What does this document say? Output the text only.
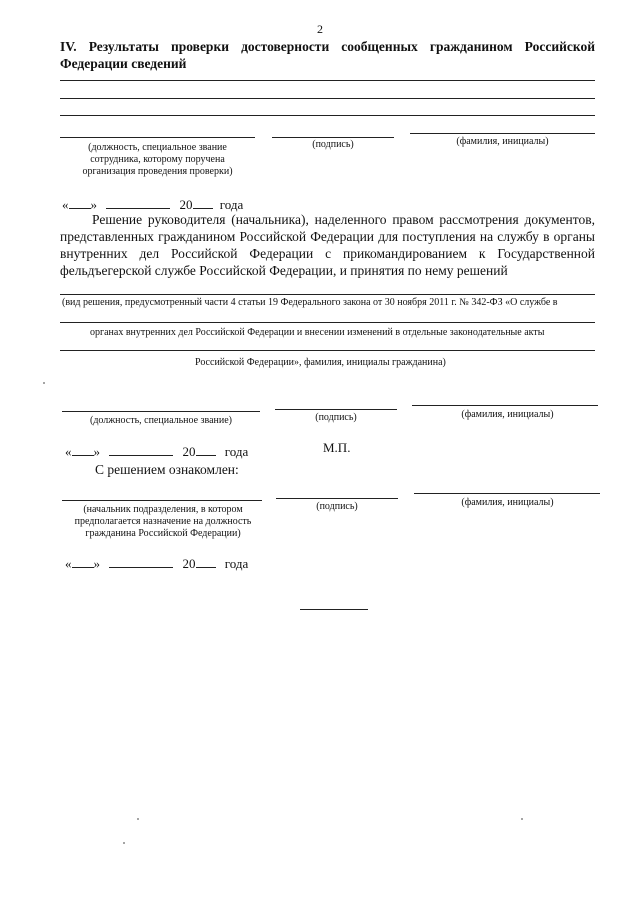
2
IV. Результаты проверки достоверности сообщенных гражданином Российской Федерации сведений
(должность, специальное звание сотрудника, которому поручена организация проведения проверки)
(подпись)	(фамилия, инициалы)
« »	20 года
Решение руководителя (начальника), наделенного правом рассмотрения документов, представленных гражданином Российской Федерации для поступления на службу в органы внутренних дел Российской Федерации с прикомандированием к Государственной фельдъегерской службе Российской Федерации, и принятия по нему решений
(вид решения, предусмотренный части 4 статьи 19 Федерального закона от 30 ноября 2011 г. № 342-ФЗ «О службе в
органах внутренних дел Российской Федерации и внесении изменений в отдельные законодательные акты
Российской Федерации», фамилия, инициалы гражданина)
(должность, специальное звание)	(подпись)	(фамилия, инициалы)
« »	20 года	М.П.
С решением ознакомлен:
(начальник подразделения, в котором предполагается назначение на должность гражданина Российской Федерации)
(подпись)	(фамилия, инициалы)
« »	20 года
